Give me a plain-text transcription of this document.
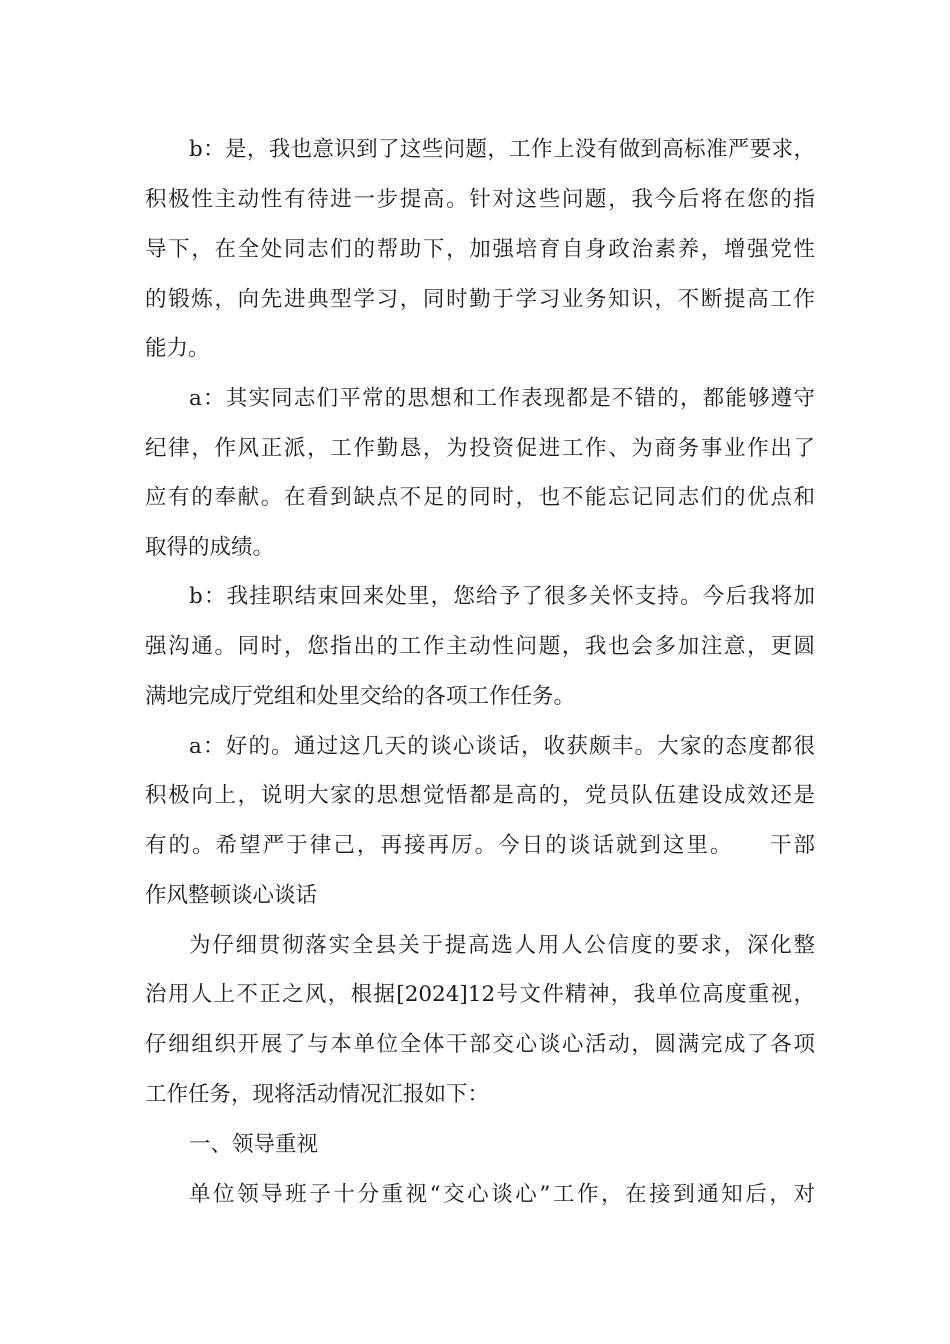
b：是，我也意识到了这些问题，工作上没有做到高标准严要求，
积极性主动性有待进一步提高。针对这些问题，我今后将在您的指
导下，在全处同志们的帮助下，加强培育自身政治素养，增强党性
的锻炼，向先进典型学习，同时勤于学习业务知识，不断提高工作
能力。
a：其实同志们平常的思想和工作表现都是不错的，都能够遵守
纪律，作风正派，工作勤恳，为投资促进工作、为商务事业作出了
应有的奉献。在看到缺点不足的同时，也不能忘记同志们的优点和
取得的成绩。
b：我挂职结束回来处里，您给予了很多关怀支持。今后我将加
强沟通。同时，您指出的工作主动性问题，我也会多加注意，更圆
满地完成厅党组和处里交给的各项工作任务。
a：好的。通过这几天的谈心谈话，收获颇丰。大家的态度都很
积极向上，说明大家的思想觉悟都是高的，党员队伍建设成效还是
有的。希望严于律己，再接再厉。今日的谈话就到这里。　　干部
作风整顿谈心谈话
为仔细贯彻落实全县关于提高选人用人公信度的要求，深化整
治用人上不正之风，根据[2024]12号文件精神，我单位高度重视，
仔细组织开展了与本单位全体干部交心谈心活动，圆满完成了各项
工作任务，现将活动情况汇报如下：
一、领导重视
单位领导班子十分重视“交心谈心”工作，在接到通知后，对
